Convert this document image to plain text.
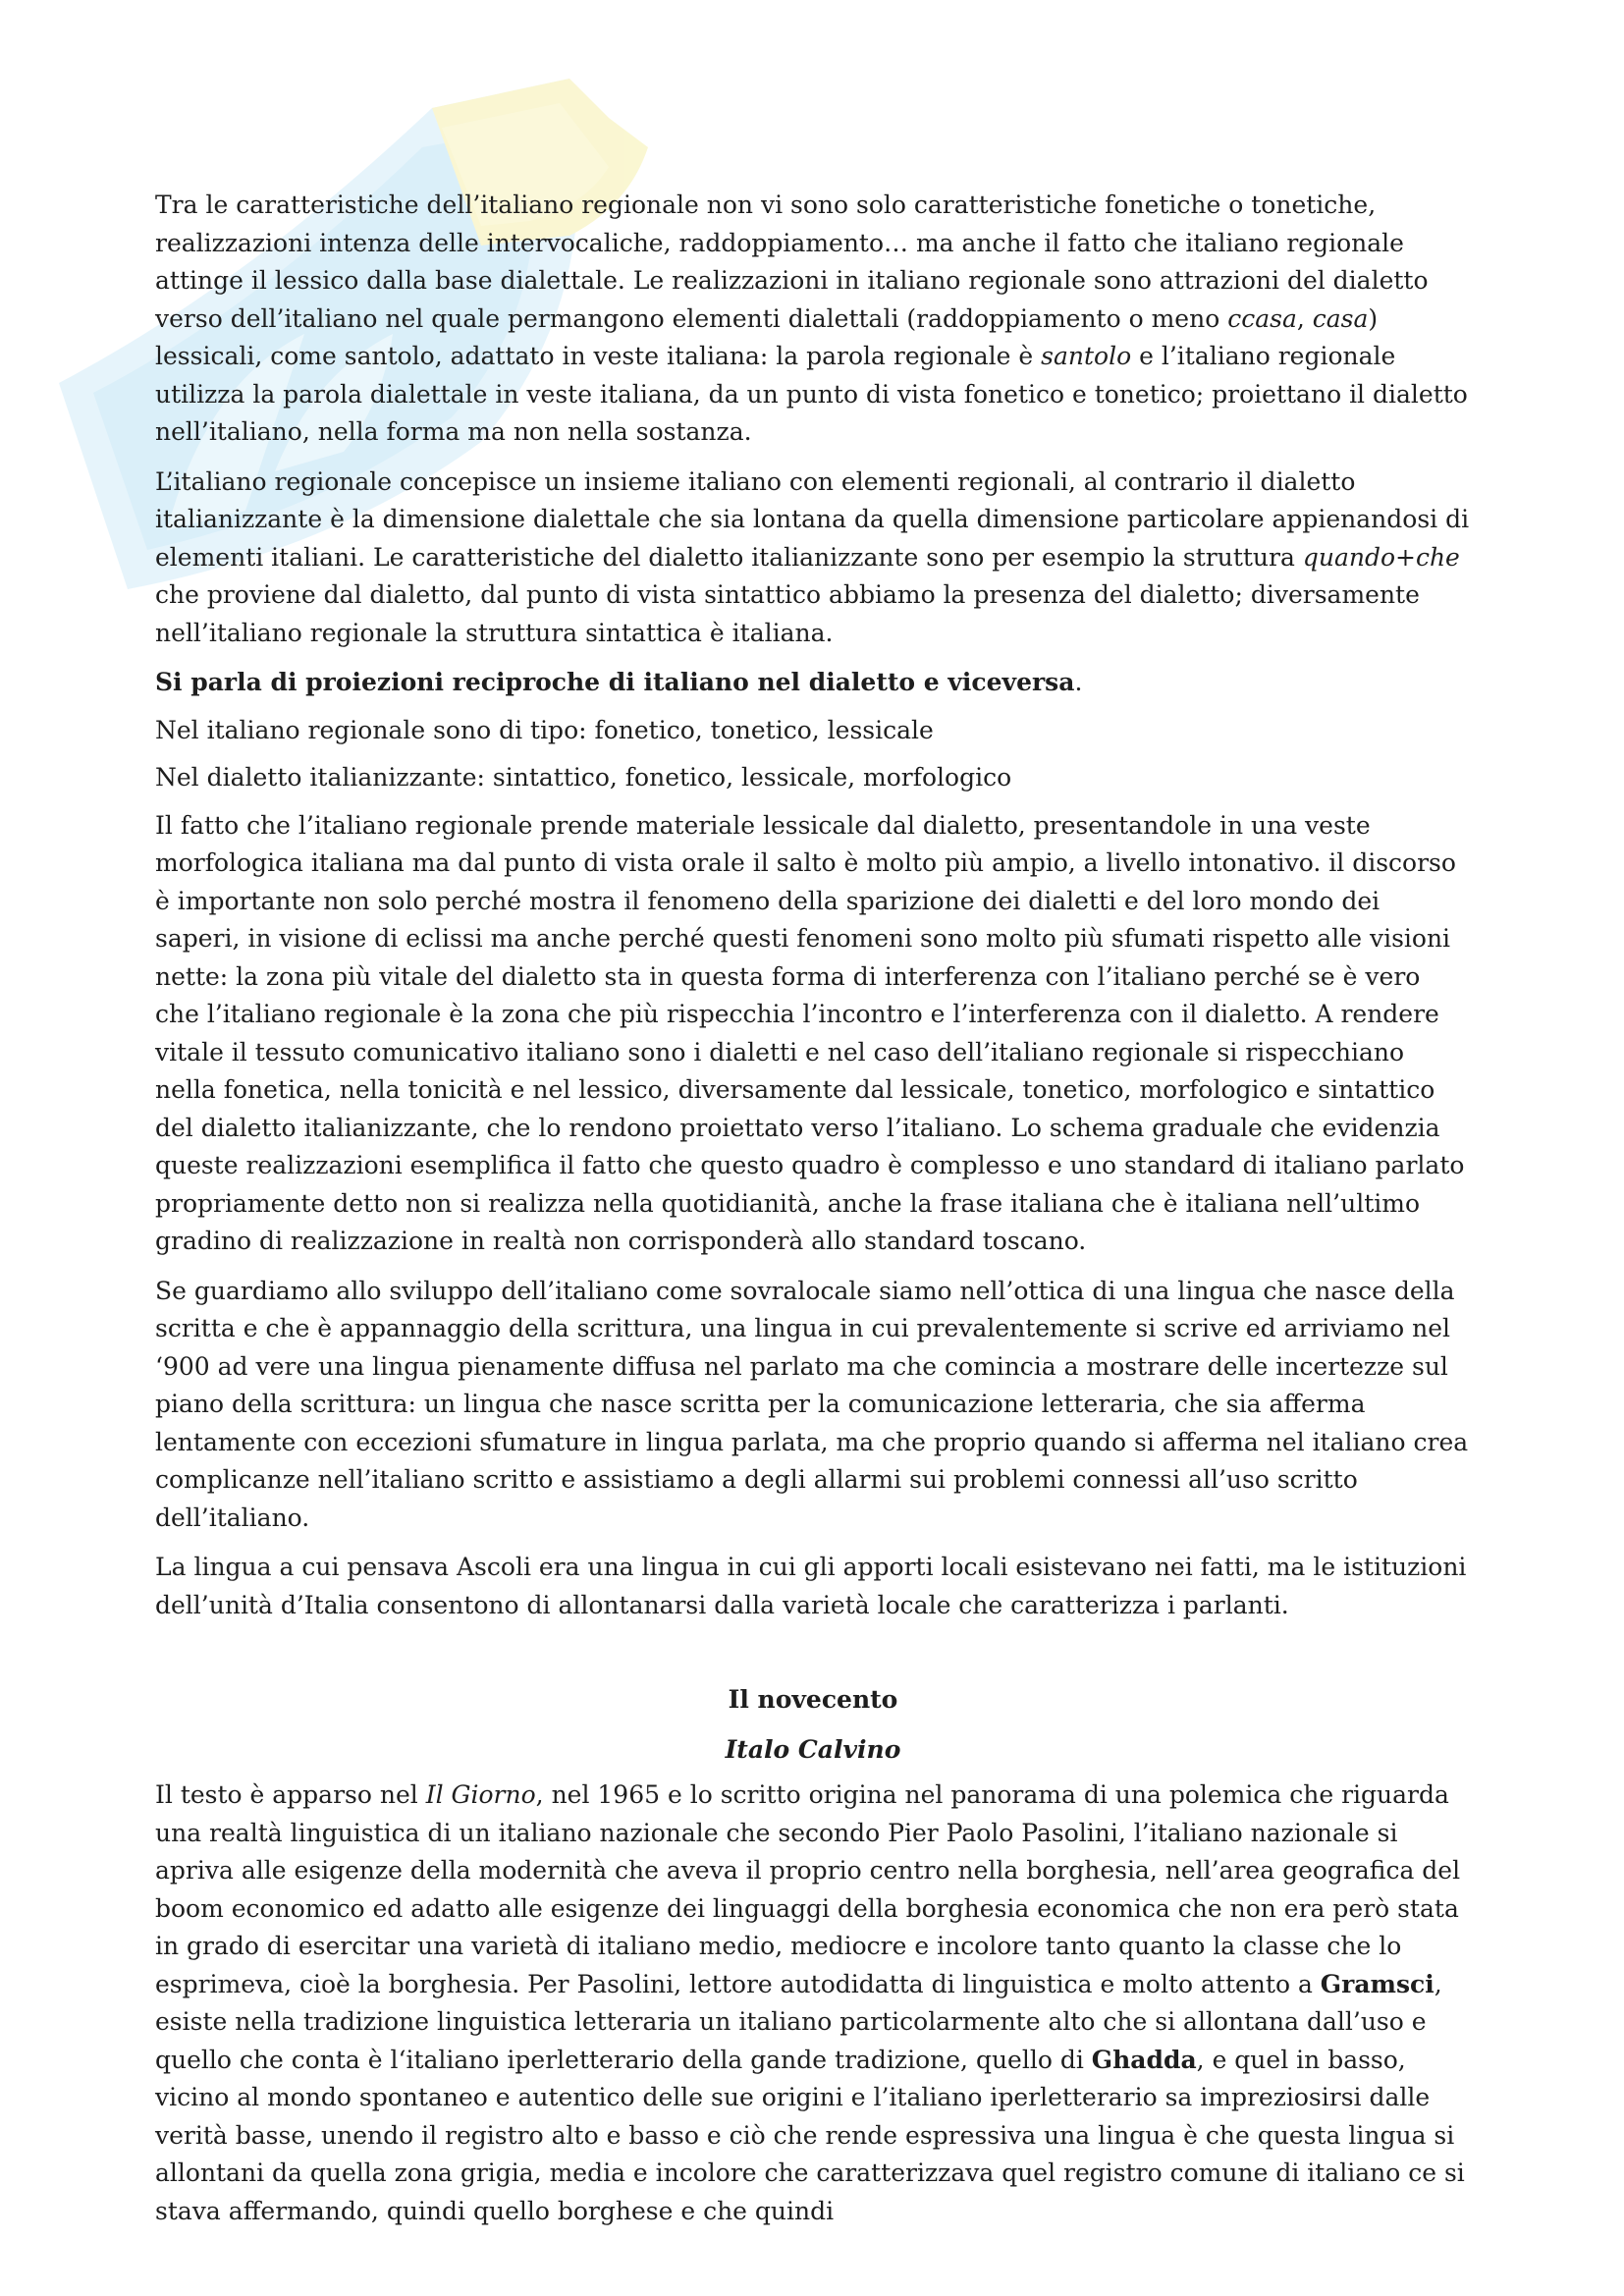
Tra le caratteristiche dell’italiano regionale non vi sono solo caratteristiche fonetiche o tonetiche, realizzazioni intenza delle intervocaliche, raddoppiamento… ma anche il fatto che italiano regionale attinge il lessico dalla base dialettale. Le realizzazioni in italiano regionale sono attrazioni del dialetto verso dell’italiano nel quale permangono elementi dialettali (raddoppiamento o meno ccasa, casa) lessicali, come santolo, adattato in veste italiana: la parola regionale è santolo e l’italiano regionale utilizza la parola dialettale in veste italiana, da un punto di vista fonetico e tonetico; proiettano il dialetto nell’italiano, nella forma ma non nella sostanza.

L’italiano regionale concepisce un insieme italiano con elementi regionali, al contrario il dialetto italianizzante è la dimensione dialettale che sia lontana da quella dimensione particolare appienandosi di elementi italiani. Le caratteristiche del dialetto italianizzante sono per esempio la struttura quando+che che proviene dal dialetto, dal punto di vista sintattico abbiamo la presenza del dialetto; diversamente nell’italiano regionale la struttura sintattica è italiana.

Si parla di proiezioni reciproche di italiano nel dialetto e viceversa.

Nel italiano regionale sono di tipo: fonetico, tonetico, lessicale

Nel dialetto italianizzante: sintattico, fonetico, lessicale, morfologico

Il fatto che l’italiano regionale prende materiale lessicale dal dialetto, presentandole in una veste morfologica italiana ma dal punto di vista orale il salto è molto più ampio, a livello intonativo. il discorso è importante non solo perché mostra il fenomeno della sparizione dei dialetti e del loro mondo dei saperi, in visione di eclissi ma anche perché questi fenomeni sono molto più sfumati rispetto alle visioni nette: la zona più vitale del dialetto sta in questa forma di interferenza con l’italiano perché se è vero che l’italiano regionale è la zona che più rispecchia l’incontro e l’interferenza con il dialetto. A rendere vitale il tessuto comunicativo italiano sono i dialetti e nel caso dell’italiano regionale si rispecchiano nella fonetica, nella tonicità e nel lessico, diversamente dal lessicale, tonetico, morfologico e sintattico del dialetto italianizzante, che lo rendono proiettato verso l’italiano. Lo schema graduale che evidenzia queste realizzazioni esemplifica il fatto che questo quadro è complesso e uno standard di italiano parlato propriamente detto non si realizza nella quotidianità, anche la frase italiana che è italiana nell’ultimo gradino di realizzazione in realtà non corrisponderà allo standard toscano.

Se guardiamo allo sviluppo dell’italiano come sovralocale siamo nell’ottica di una lingua che nasce della scritta e che è appannaggio della scrittura, una lingua in cui prevalentemente si scrive ed arriviamo nel ‘900 ad vere una lingua pienamente diffusa nel parlato ma che comincia a mostrare delle incertezze sul piano della scrittura: un lingua che nasce scritta per la comunicazione letteraria, che sia afferma lentamente con eccezioni sfumature in lingua parlata, ma che proprio quando si afferma nel italiano crea complicanze nell’italiano scritto e assistiamo a degli allarmi sui problemi connessi all’uso scritto dell’italiano.

La lingua a cui pensava Ascoli era una lingua in cui gli apporti locali esistevano nei fatti, ma le istituzioni dell’unità d’Italia consentono di allontanarsi dalla varietà locale che caratterizza i parlanti.

Il novecento

Italo Calvino

Il testo è apparso nel Il Giorno, nel 1965 e lo scritto origina nel panorama di una polemica che riguarda una realtà linguistica di un italiano nazionale che secondo Pier Paolo Pasolini, l’italiano nazionale si apriva alle esigenze della modernità che aveva il proprio centro nella borghesia, nell’area geografica del boom economico ed adatto alle esigenze dei linguaggi della borghesia economica che non era però stata in grado di esercitar una varietà di italiano medio, mediocre e incolore tanto quanto la classe che lo esprimeva, cioè la borghesia. Per Pasolini, lettore autodidatta di linguistica e molto attento a Gramsci, esiste nella tradizione linguistica letteraria un italiano particolarmente alto che si allontana dall’uso e quello che conta è l‘italiano iperletterario della gande tradizione, quello di Ghadda, e quel in basso, vicino al mondo spontaneo e autentico delle sue origini e l’italiano iperletterario sa impreziosirsi dalle verità basse, unendo il registro alto e basso e ciò che rende espressiva una lingua è che questa lingua si allontani da quella zona grigia, media e incolore che caratterizzava quel registro comune di italiano ce si stava affermando, quindi quello borghese e che quindi
